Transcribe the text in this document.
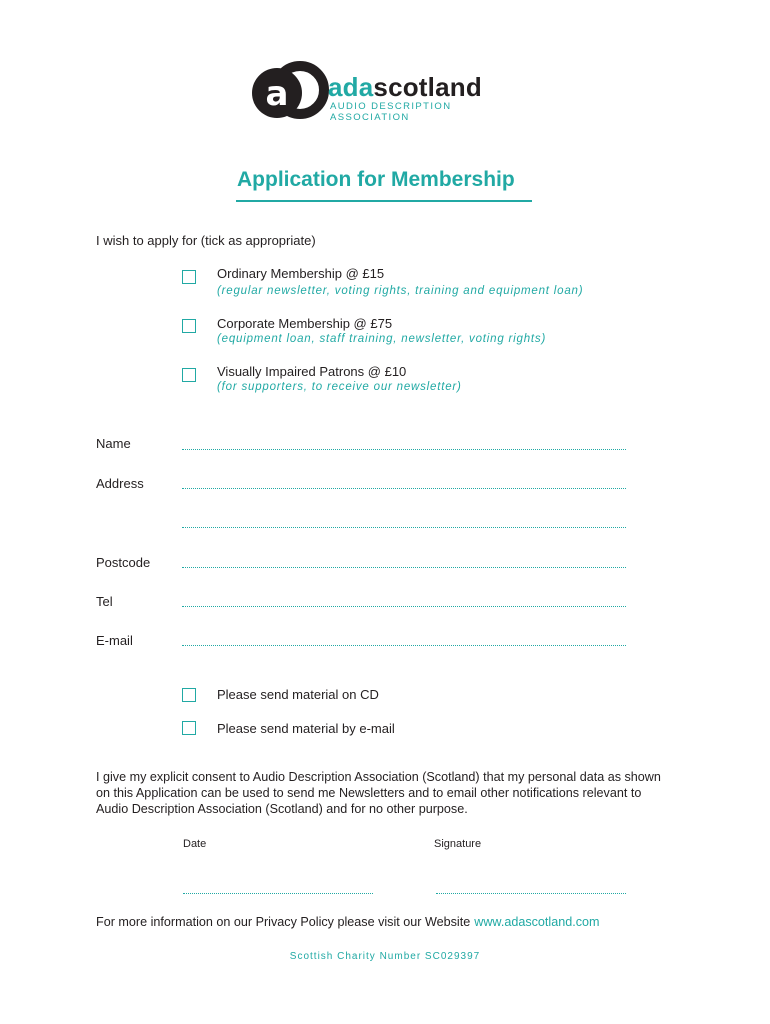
a adascotland
AUDIO DESCRIPTION ASSOCIATION
Application for Membership
I wish to apply for (tick as appropriate)
Ordinary Membership @ £15
(regular newsletter, voting rights, training and equipment loan)
Corporate Membership @ £75
(equipment loan, staff training, newsletter, voting rights)
Visually Impaired Patrons @ £10
(for supporters, to receive our newsletter)
Name
Address
Postcode
Tel
E-mail
Please send material on CD
Please send material by e-mail
I give my explicit consent to Audio Description Association (Scotland) that my personal data as shown on this Application can be used to send me Newsletters and to email other notifications relevant to Audio Description Association (Scotland) and for no other purpose.
Date	Signature
For more information on our Privacy Policy please visit our Website www.adascotland.com
Scottish Charity Number SC029397
